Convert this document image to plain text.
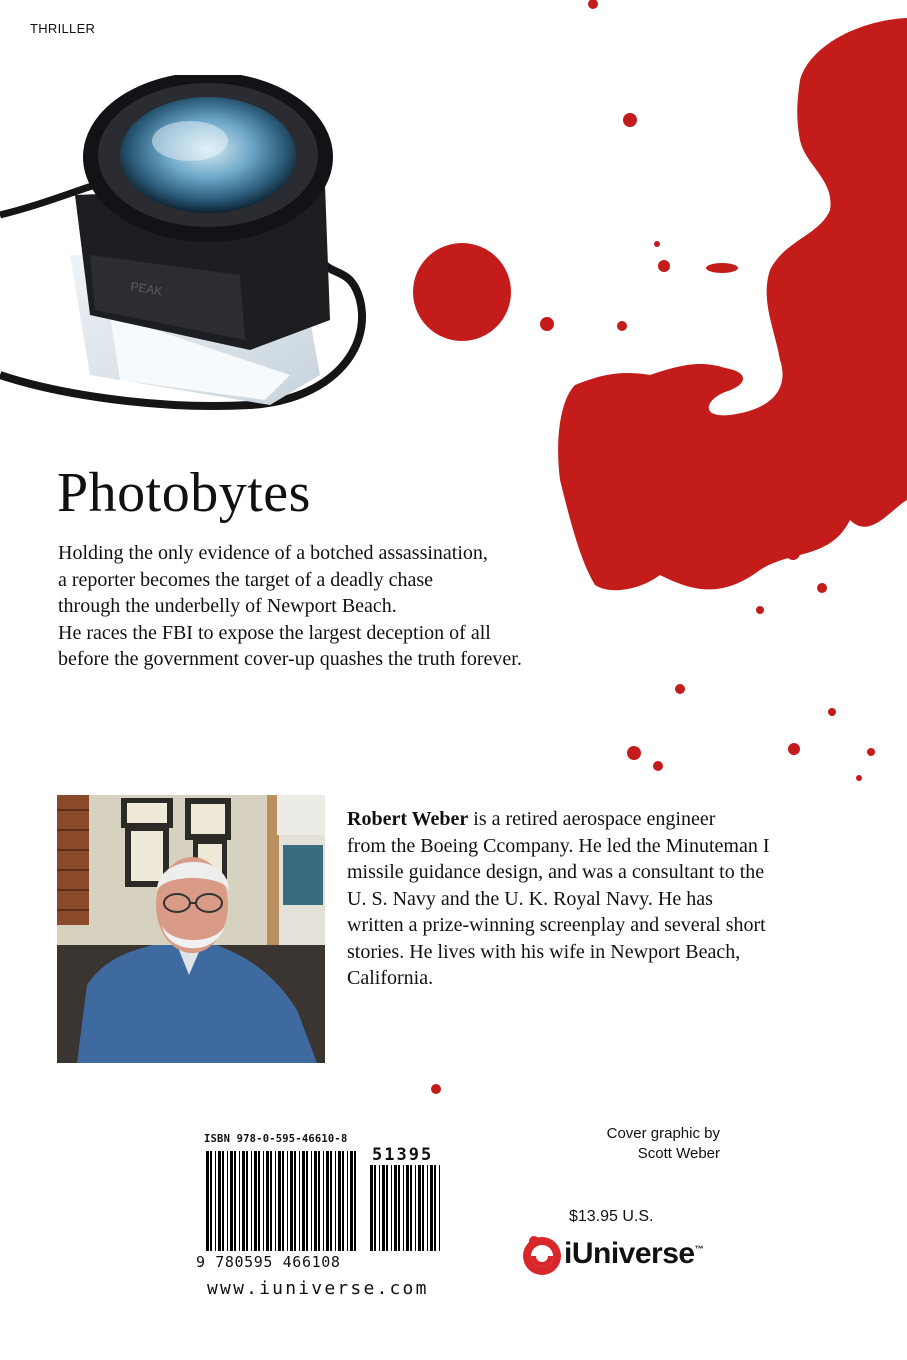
THRILLER
PEAK
Photobytes
Holding the only evidence of a botched assassination,
a reporter becomes the target of a deadly chase
through the underbelly of Newport Beach.
He races the FBI to expose the largest deception of all
before the government cover-up quashes the truth forever.
Robert Weber is a retired aerospace engineer
from the Boeing Ccompany. He led the Minuteman I
missile guidance design, and was a consultant to the
U. S. Navy and the U. K. Royal Navy. He has
written a prize-winning screenplay and several short
stories. He lives with his wife in Newport Beach,
California.
ISBN 978-0-595-46610-8
51395
9 780595 466108
www.iuniverse.com
Cover graphic by
Scott Weber
$13.95 U.S.
iUniverse™
